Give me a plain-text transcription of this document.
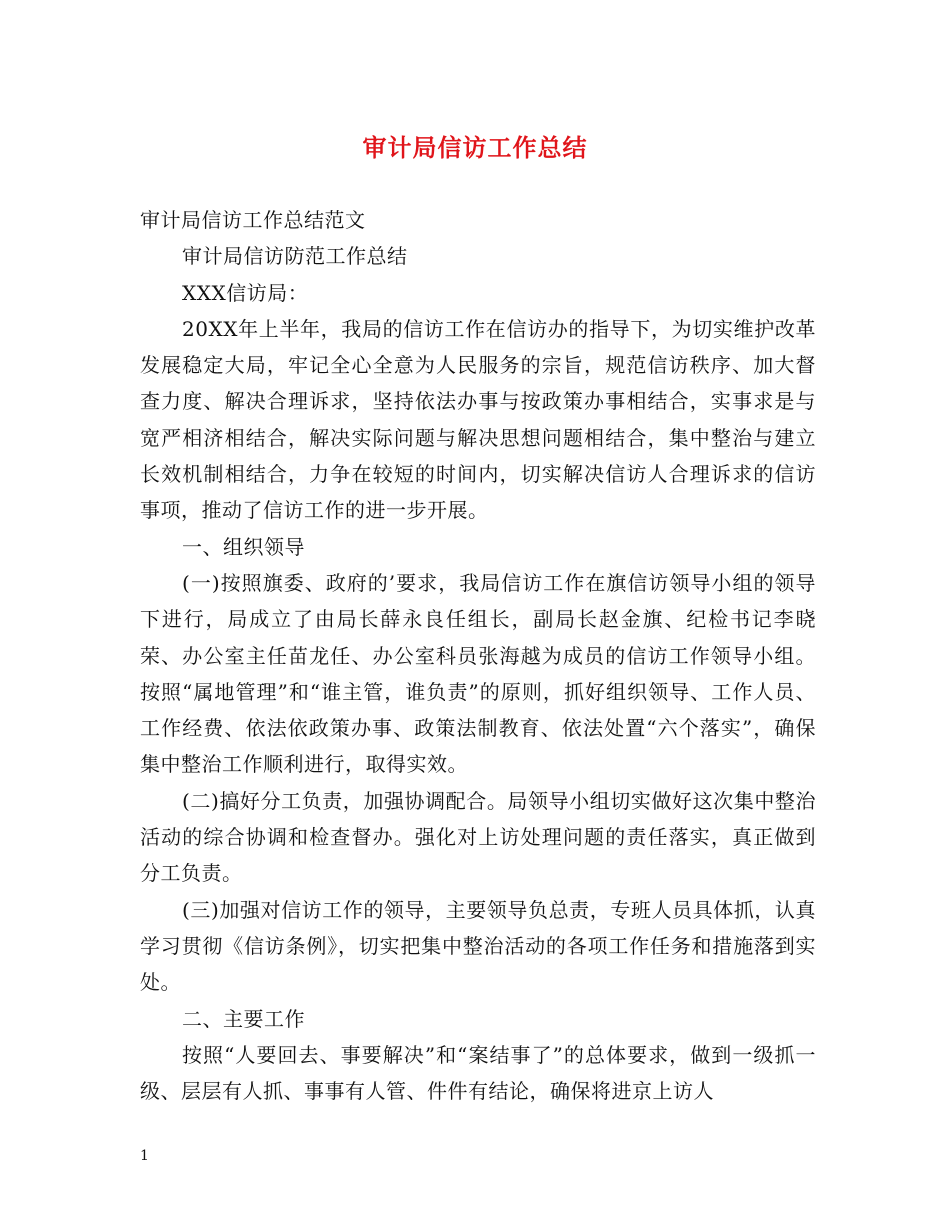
审计局信访工作总结

审计局信访工作总结范文

审计局信访防范工作总结

XXX信访局：

20XX年上半年，我局的信访工作在信访办的指导下，为切实维护改革发展稳定大局，牢记全心全意为人民服务的宗旨，规范信访秩序、加大督查力度、解决合理诉求，坚持依法办事与按政策办事相结合，实事求是与宽严相济相结合，解决实际问题与解决思想问题相结合，集中整治与建立长效机制相结合，力争在较短的时间内，切实解决信访人合理诉求的信访事项，推动了信访工作的进一步开展。

一、组织领导

(一)按照旗委、政府的’要求，我局信访工作在旗信访领导小组的领导下进行，局成立了由局长薛永良任组长，副局长赵金旗、纪检书记李晓荣、办公室主任苗龙任、办公室科员张海越为成员的信访工作领导小组。按照“属地管理”和“谁主管，谁负责”的原则，抓好组织领导、工作人员、工作经费、依法依政策办事、政策法制教育、依法处置“六个落实”，确保集中整治工作顺利进行，取得实效。

(二)搞好分工负责，加强协调配合。局领导小组切实做好这次集中整治活动的综合协调和检查督办。强化对上访处理问题的责任落实，真正做到分工负责。

(三)加强对信访工作的领导，主要领导负总责，专班人员具体抓，认真学习贯彻《信访条例》，切实把集中整治活动的各项工作任务和措施落到实处。

二、主要工作

按照“人要回去、事要解决”和“案结事了”的总体要求，做到一级抓一级、层层有人抓、事事有人管、件件有结论，确保将进京上访人

1
